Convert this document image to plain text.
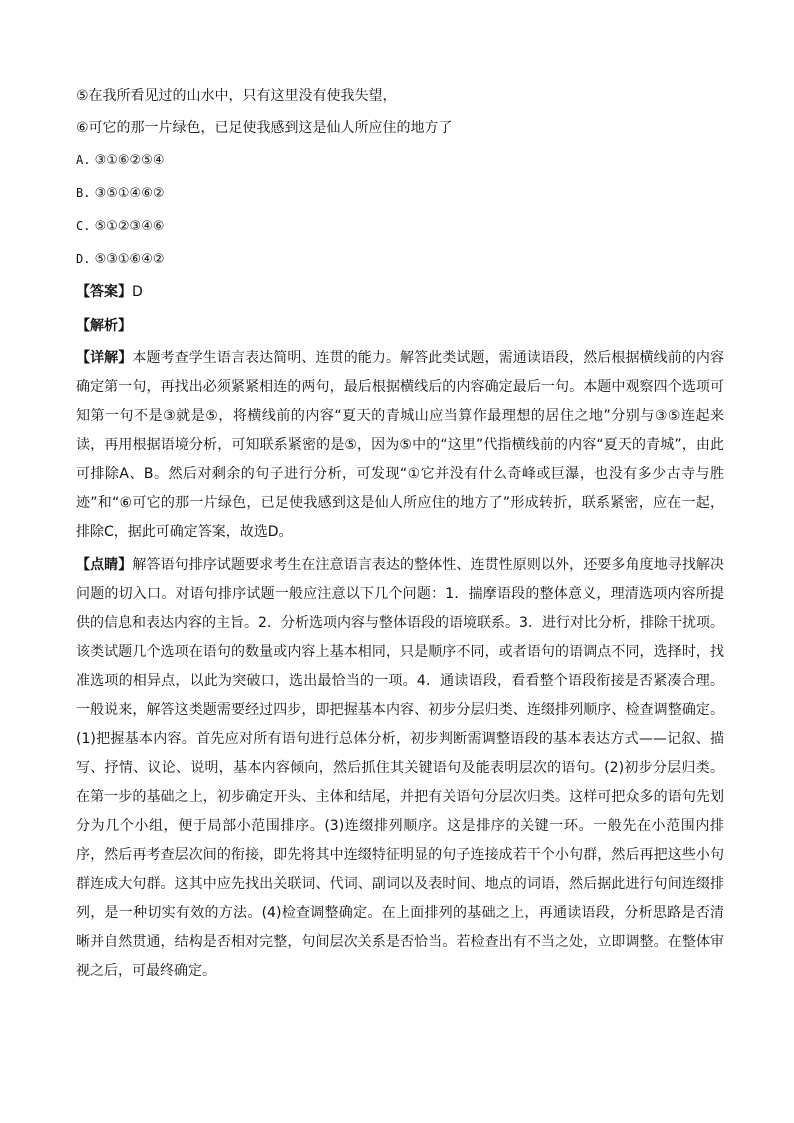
⑤在我所看见过的山水中，只有这里没有使我失望，
⑥可它的那一片绿色，已足使我感到这是仙人所应住的地方了
A. ③①⑥②⑤④
B. ③⑤①④⑥②
C. ⑤①②③④⑥
D. ⑤③①⑥④②
【答案】D
【解析】
【详解】本题考查学生语言表达简明、连贯的能力。解答此类试题，需通读语段，然后根据横线前的内容确定第一句，再找出必须紧紧相连的两句，最后根据横线后的内容确定最后一句。本题中观察四个选项可知第一句不是③就是⑤，将横线前的内容“夏天的青城山应当算作最理想的居住之地”分别与③⑤连起来读，再用根据语境分析，可知联系紧密的是⑤，因为⑤中的“这里”代指横线前的内容“夏天的青城”，由此可排除A、B。然后对剩余的句子进行分析，可发现“①它并没有什么奇峰或巨瀑，也没有多少古寺与胜迹”和“⑥可它的那一片绿色，已足使我感到这是仙人所应住的地方了”形成转折，联系紧密，应在一起，排除C，据此可确定答案，故选D。
【点睛】解答语句排序试题要求考生在注意语言表达的整体性、连贯性原则以外，还要多角度地寻找解决问题的切入口。对语句排序试题一般应注意以下几个问题：1．揣摩语段的整体意义，理清选项内容所提供的信息和表达内容的主旨。2．分析选项内容与整体语段的语境联系。3．进行对比分析，排除干扰项。该类试题几个选项在语句的数量或内容上基本相同，只是顺序不同，或者语句的语调点不同，选择时，找准选项的相异点，以此为突破口，选出最恰当的一项。4．通读语段，看看整个语段衔接是否紧凑合理。一般说来，解答这类题需要经过四步，即把握基本内容、初步分层归类、连缀排列顺序、检查调整确定。(1)把握基本内容。首先应对所有语句进行总体分析，初步判断需调整语段的基本表达方式——记叙、描写、抒情、议论、说明，基本内容倾向，然后抓住其关键语句及能表明层次的语句。(2)初步分层归类。在第一步的基础之上，初步确定开头、主体和结尾，并把有关语句分层次归类。这样可把众多的语句先划分为几个小组，便于局部小范围排序。(3)连缀排列顺序。这是排序的关键一环。一般先在小范围内排序，然后再考查层次间的衔接，即先将其中连缀特征明显的句子连接成若干个小句群，然后再把这些小句群连成大句群。这其中应先找出关联词、代词、副词以及表时间、地点的词语，然后据此进行句间连缀排列，是一种切实有效的方法。(4)检查调整确定。在上面排列的基础之上，再通读语段，分析思路是否清晰并自然贯通，结构是否相对完整，句间层次关系是否恰当。若检查出有不当之处，立即调整。在整体审视之后，可最终确定。
